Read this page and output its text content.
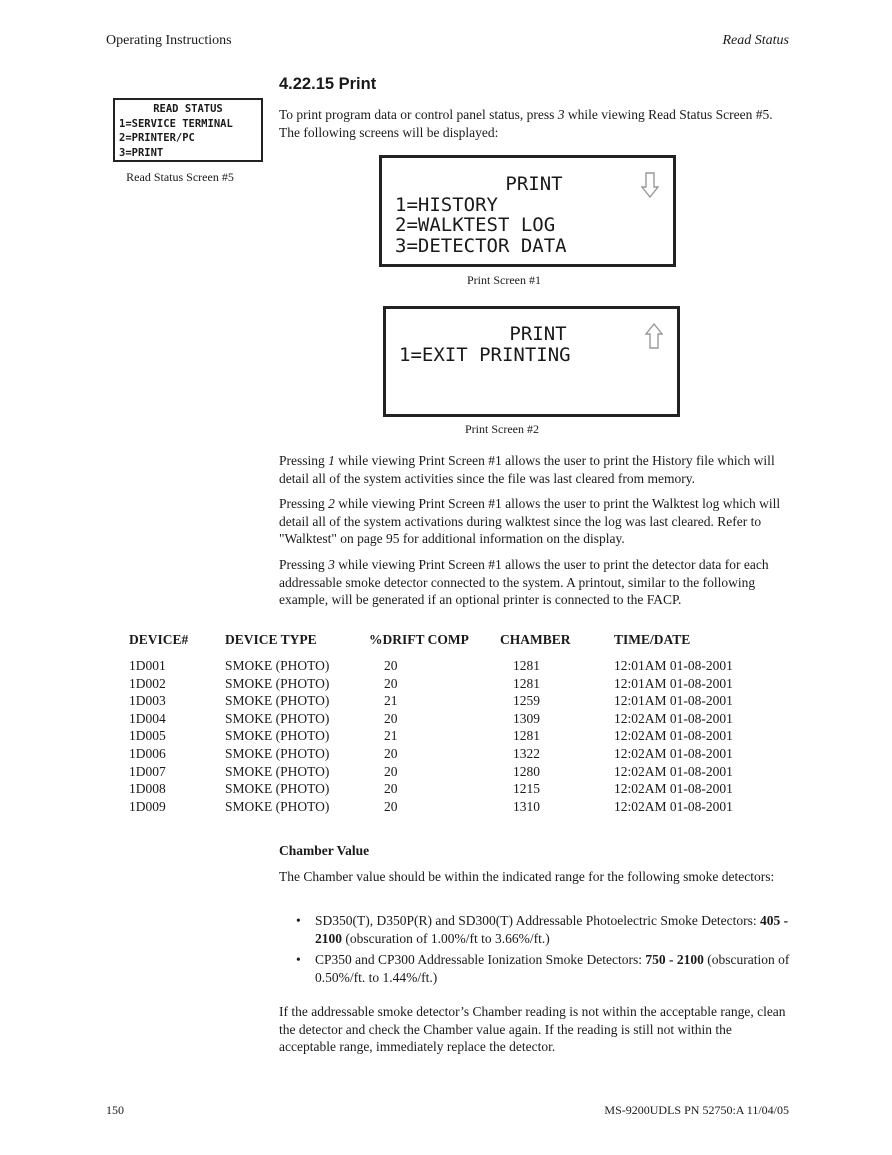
Operating Instructions	Read Status
4.22.15 Print
READ STATUS
1=SERVICE TERMINAL
2=PRINTER/PC
3=PRINT
Read Status Screen #5
To print program data or control panel status, press 3 while viewing Read Status Screen #5. The following screens will be displayed:
PRINT
1=HISTORY
2=WALKTEST LOG
3=DETECTOR DATA
Print Screen #1
PRINT
1=EXIT PRINTING
Print Screen #2
Pressing 1 while viewing Print Screen #1 allows the user to print the History file which will detail all of the system activities since the file was last cleared from memory.
Pressing 2 while viewing Print Screen #1 allows the user to print the Walktest log which will detail all of the system activations during walktest since the log was last cleared. Refer to "Walktest" on page 95 for additional information on the display.
Pressing 3 while viewing Print Screen #1 allows the user to print the detector data for each addressable smoke detector connected to the system. A printout, similar to the following example, will be generated if an optional printer is connected to the FACP.
DEVICE#	DEVICE TYPE	%DRIFT COMP	CHAMBER	TIME/DATE
1D001	SMOKE (PHOTO)	20	1281	12:01AM 01-08-2001
1D002	SMOKE (PHOTO)	20	1281	12:01AM 01-08-2001
1D003	SMOKE (PHOTO)	21	1259	12:01AM 01-08-2001
1D004	SMOKE (PHOTO)	20	1309	12:02AM 01-08-2001
1D005	SMOKE (PHOTO)	21	1281	12:02AM 01-08-2001
1D006	SMOKE (PHOTO)	20	1322	12:02AM 01-08-2001
1D007	SMOKE (PHOTO)	20	1280	12:02AM 01-08-2001
1D008	SMOKE (PHOTO)	20	1215	12:02AM 01-08-2001
1D009	SMOKE (PHOTO)	20	1310	12:02AM 01-08-2001
Chamber Value
The Chamber value should be within the indicated range for the following smoke detectors:
• SD350(T), D350P(R) and SD300(T) Addressable Photoelectric Smoke Detectors: 405 - 2100 (obscuration of 1.00%/ft to 3.66%/ft.)
• CP350 and CP300 Addressable Ionization Smoke Detectors: 750 - 2100 (obscuration of 0.50%/ft. to 1.44%/ft.)
If the addressable smoke detector’s Chamber reading is not within the acceptable range, clean the detector and check the Chamber value again. If the reading is still not within the acceptable range, immediately replace the detector.
150	MS-9200UDLS PN 52750:A 11/04/05
